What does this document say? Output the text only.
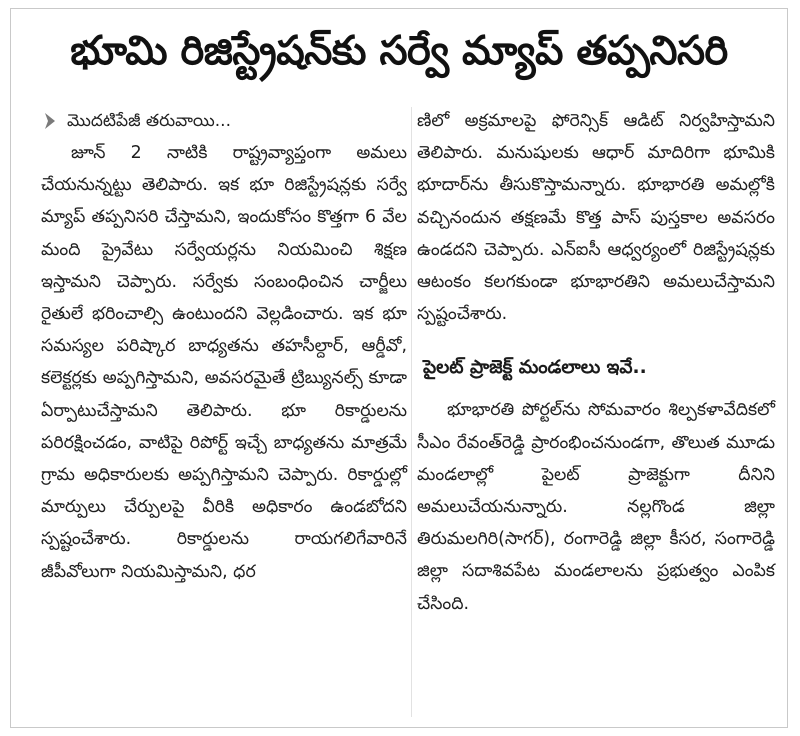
భూమి రిజిస్ట్రేషన్‌కు సర్వే మ్యాప్ తప్పనిసరి
మొదటిపేజీ తరువాయి...

జూన్ 2 నాటికి రాష్ట్రవ్యాప్తంగా అమలు చేయనున్నట్టు తెలిపారు. ఇక భూ రిజిస్ట్రేషన్లకు సర్వే మ్యాప్ తప్పనిసరి చేస్తామని, ఇందుకోసం కొత్తగా 6 వేల మంది ప్రైవేటు సర్వేయర్లను నియమించి శిక్షణ ఇస్తామని చెప్పారు. సర్వేకు సంబంధించిన చార్జీలు రైతులే భరించాల్సి ఉంటుందని వెల్లడించారు. ఇక భూ సమస్యల పరిష్కార బాధ్యతను తహసీల్దార్, ఆర్డీవో, కలెక్టర్లకు అప్పగిస్తామని, అవసరమైతే ట్రిబ్యునల్స్ కూడా ఏర్పాటుచేస్తామని తెలిపారు. భూ రికార్డులను పరిరక్షించడం, వాటిపై రిపోర్ట్ ఇచ్చే బాధ్యతను మాత్రమే గ్రామ అధికారులకు అప్పగిస్తామని చెప్పారు. రికార్డుల్లో మార్పులు చేర్పులపై వీరికి అధికారం ఉండబోదని స్పష్టంచేశారు. రికార్డులను రాయగలిగేవారినే జీపీవోలుగా నియమిస్తామని, ధర

ణిలో అక్రమాలపై ఫోరెన్సిక్ ఆడిట్ నిర్వహిస్తామని తెలిపారు. మనుషులకు ఆధార్ మాదిరిగా భూమికి భూదార్‌ను తీసుకొస్తామన్నారు. భూభారతి అమల్లోకి వచ్చినందున తక్షణమే కొత్త పాస్ పుస్తకాల అవసరం ఉండదని చెప్పారు. ఎన్‌ఐసీ ఆధ్వర్యంలో రిజిస్ట్రేషన్లకు ఆటంకం కలగకుండా భూభారతిని అమలుచేస్తామని స్పష్టంచేశారు.

పైలట్ ప్రాజెక్ట్ మండలాలు ఇవే..

భూభారతి పోర్టల్‌ను సోమవారం శిల్పకళావేదికలో సీఎం రేవంత్‌రెడ్డి ప్రారంభించనుండగా, తొలుత మూడు మండలాల్లో పైలట్ ప్రాజెక్టుగా దీనిని అమలుచేయనున్నారు. నల్లగొండ జిల్లా తిరుమలగిరి(సాగర్), రంగారెడ్డి జిల్లా కీసర, సంగారెడ్డి జిల్లా సదాశివపేట మండలాలను ప్రభుత్వం ఎంపిక చేసింది.
